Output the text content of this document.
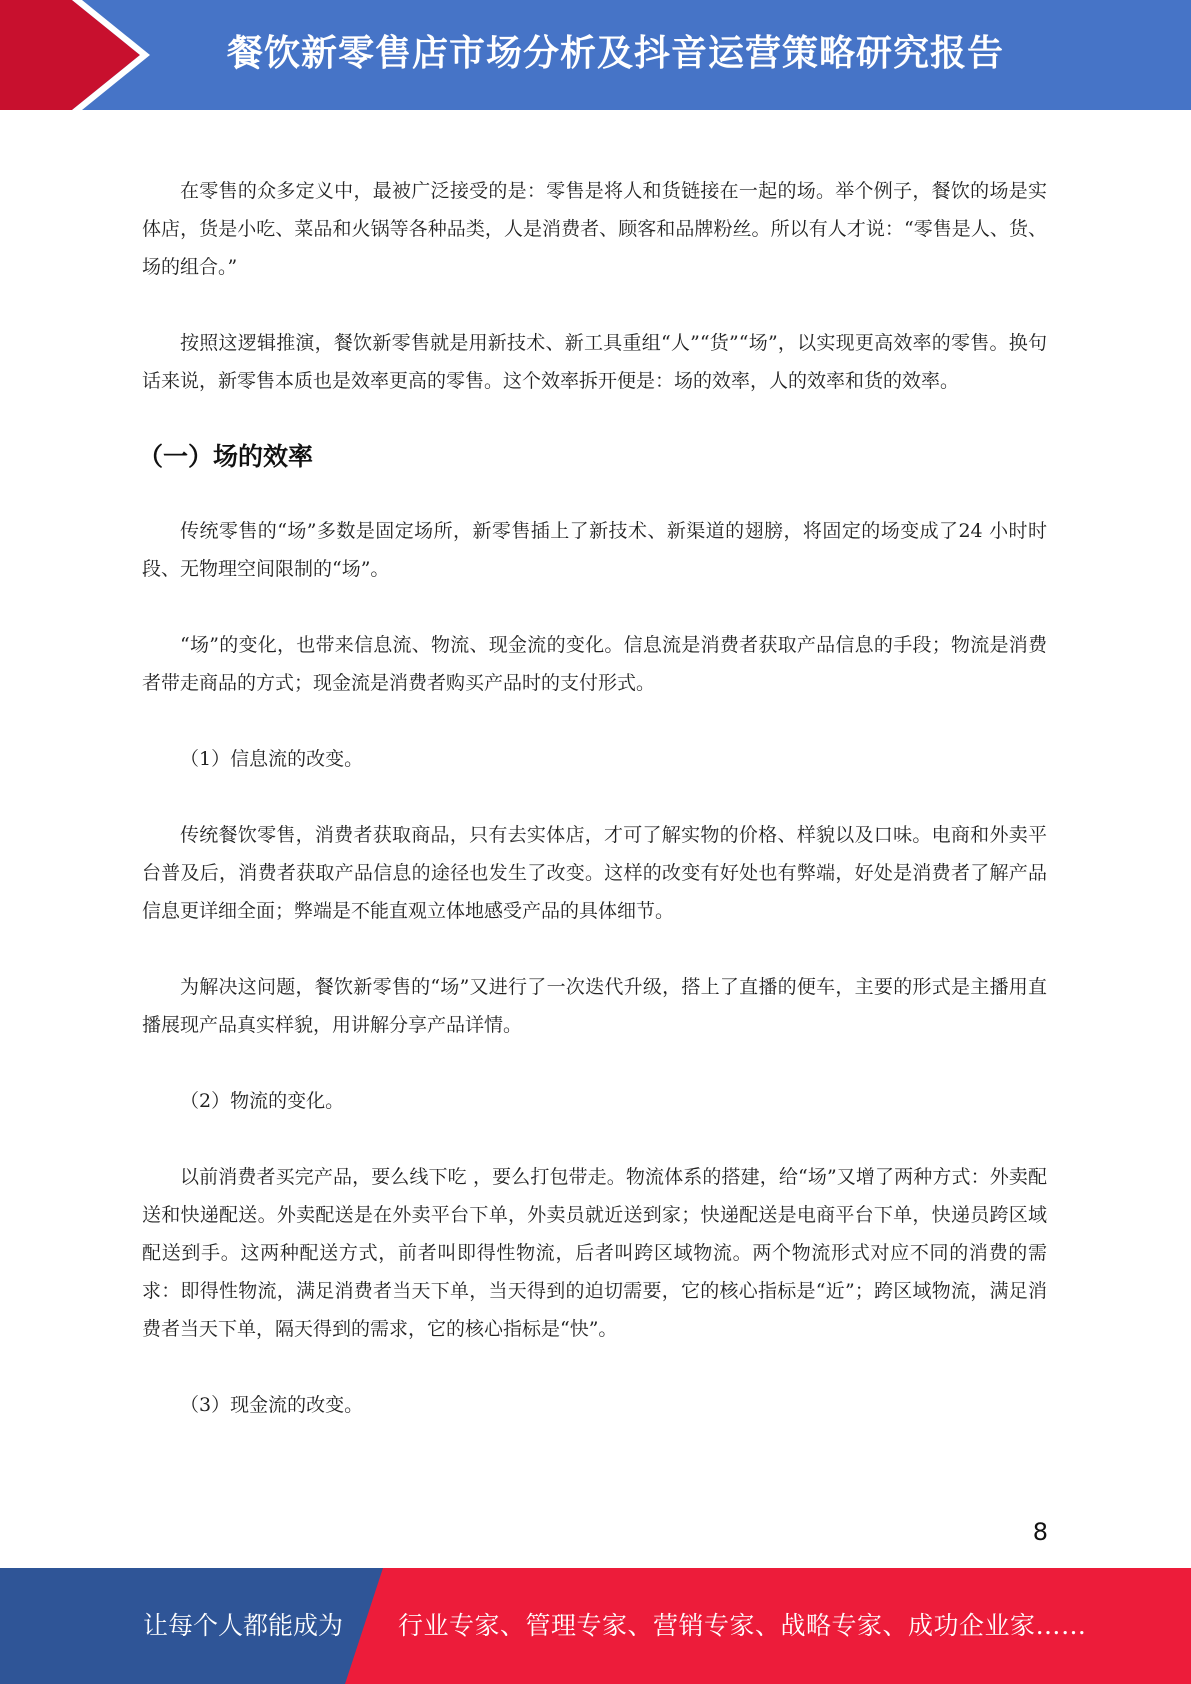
餐饮新零售店市场分析及抖音运营策略研究报告

在零售的众多定义中，最被广泛接受的是：零售是将人和货链接在一起的场。举个例子，餐饮的场是实体店，货是小吃、菜品和火锅等各种品类，人是消费者、顾客和品牌粉丝。所以有人才说：“零售是人、货、场的组合。”

按照这逻辑推演，餐饮新零售就是用新技术、新工具重组“人”“货”“场”，以实现更高效率的零售。换句话来说，新零售本质也是效率更高的零售。这个效率拆开便是：场的效率，人的效率和货的效率。

（一）场的效率

传统零售的“场”多数是固定场所，新零售插上了新技术、新渠道的翅膀，将固定的场变成了24 小时时段、无物理空间限制的“场”。

“场”的变化，也带来信息流、物流、现金流的变化。信息流是消费者获取产品信息的手段；物流是消费者带走商品的方式；现金流是消费者购买产品时的支付形式。

（1）信息流的改变。

传统餐饮零售，消费者获取商品，只有去实体店，才可了解实物的价格、样貌以及口味。电商和外卖平台普及后，消费者获取产品信息的途径也发生了改变。这样的改变有好处也有弊端，好处是消费者了解产品信息更详细全面；弊端是不能直观立体地感受产品的具体细节。

为解决这问题，餐饮新零售的“场”又进行了一次迭代升级，搭上了直播的便车，主要的形式是主播用直播展现产品真实样貌，用讲解分享产品详情。

（2）物流的变化。

以前消费者买完产品，要么线下吃 ，要么打包带走。物流体系的搭建，给“场”又增了两种方式：外卖配送和快递配送。外卖配送是在外卖平台下单，外卖员就近送到家；快递配送是电商平台下单，快递员跨区域配送到手。这两种配送方式，前者叫即得性物流，后者叫跨区域物流。两个物流形式对应不同的消费的需求：即得性物流，满足消费者当天下单，当天得到的迫切需要，它的核心指标是“近”；跨区域物流，满足消费者当天下单，隔天得到的需求，它的核心指标是“快”。

（3）现金流的改变。

8
让每个人都能成为 行业专家、管理专家、营销专家、战略专家、成功企业家……
